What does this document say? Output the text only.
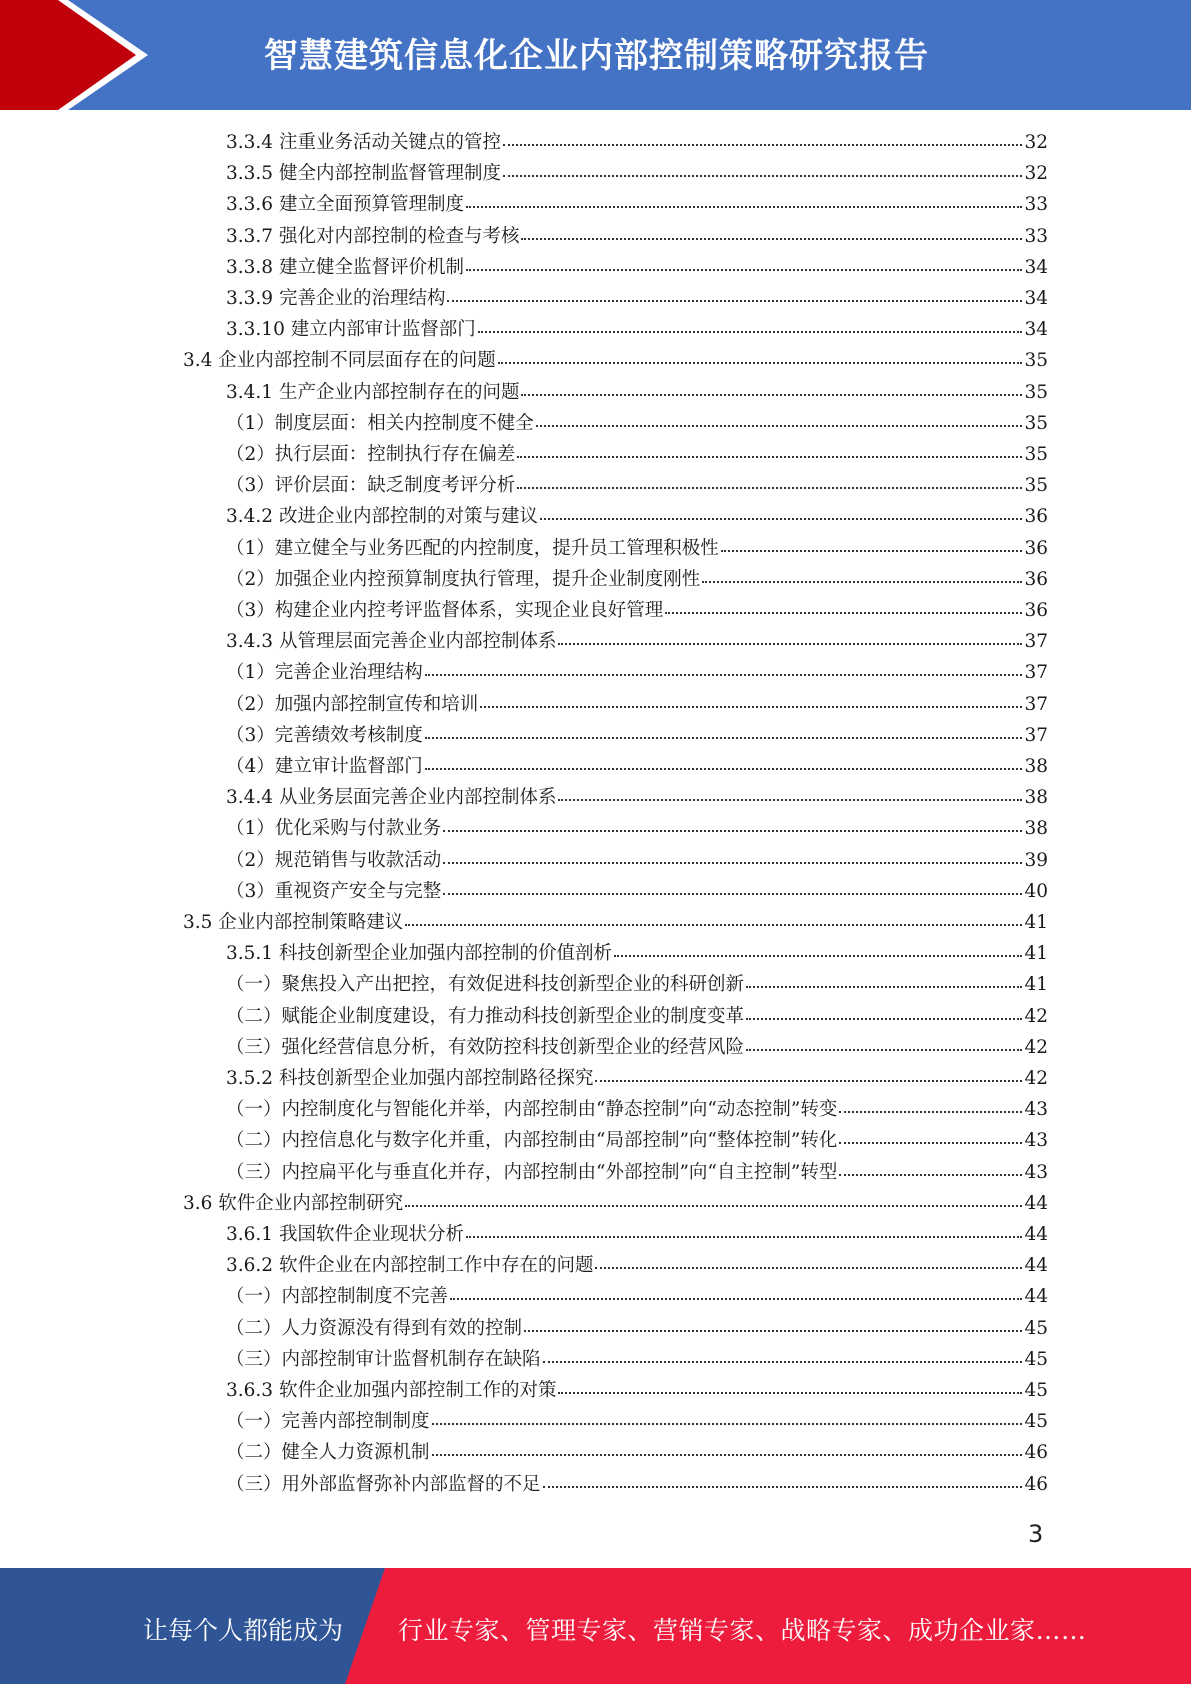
智慧建筑信息化企业内部控制策略研究报告
3.3.4 注重业务活动关键点的管控	32
3.3.5 健全内部控制监督管理制度	32
3.3.6 建立全面预算管理制度	33
3.3.7 强化对内部控制的检查与考核	33
3.3.8 建立健全监督评价机制	34
3.3.9 完善企业的治理结构	34
3.3.10 建立内部审计监督部门	34
3.4 企业内部控制不同层面存在的问题	35
3.4.1 生产企业内部控制存在的问题	35
（1）制度层面：相关内控制度不健全	35
（2）执行层面：控制执行存在偏差	35
（3）评价层面：缺乏制度考评分析	35
3.4.2 改进企业内部控制的对策与建议	36
（1）建立健全与业务匹配的内控制度，提升员工管理积极性	36
（2）加强企业内控预算制度执行管理，提升企业制度刚性	36
（3）构建企业内控考评监督体系，实现企业良好管理	36
3.4.3 从管理层面完善企业内部控制体系	37
（1）完善企业治理结构	37
（2）加强内部控制宣传和培训	37
（3）完善绩效考核制度	37
（4）建立审计监督部门	38
3.4.4 从业务层面完善企业内部控制体系	38
（1）优化采购与付款业务	38
（2）规范销售与收款活动	39
（3）重视资产安全与完整	40
3.5 企业内部控制策略建议	41
3.5.1 科技创新型企业加强内部控制的价值剖析	41
（一）聚焦投入产出把控，有效促进科技创新型企业的科研创新	41
（二）赋能企业制度建设，有力推动科技创新型企业的制度变革	42
（三）强化经营信息分析，有效防控科技创新型企业的经营风险	42
3.5.2 科技创新型企业加强内部控制路径探究	42
（一）内控制度化与智能化并举，内部控制由“静态控制”向“动态控制”转变	43
（二）内控信息化与数字化并重，内部控制由“局部控制”向“整体控制”转化	43
（三）内控扁平化与垂直化并存，内部控制由“外部控制”向“自主控制”转型	43
3.6 软件企业内部控制研究	44
3.6.1 我国软件企业现状分析	44
3.6.2 软件企业在内部控制工作中存在的问题	44
（一）内部控制制度不完善	44
（二）人力资源没有得到有效的控制	45
（三）内部控制审计监督机制存在缺陷	45
3.6.3 软件企业加强内部控制工作的对策	45
（一）完善内部控制制度	45
（二）健全人力资源机制	46
（三）用外部监督弥补内部监督的不足	46
3
让每个人都能成为 行业专家、管理专家、营销专家、战略专家、成功企业家……
